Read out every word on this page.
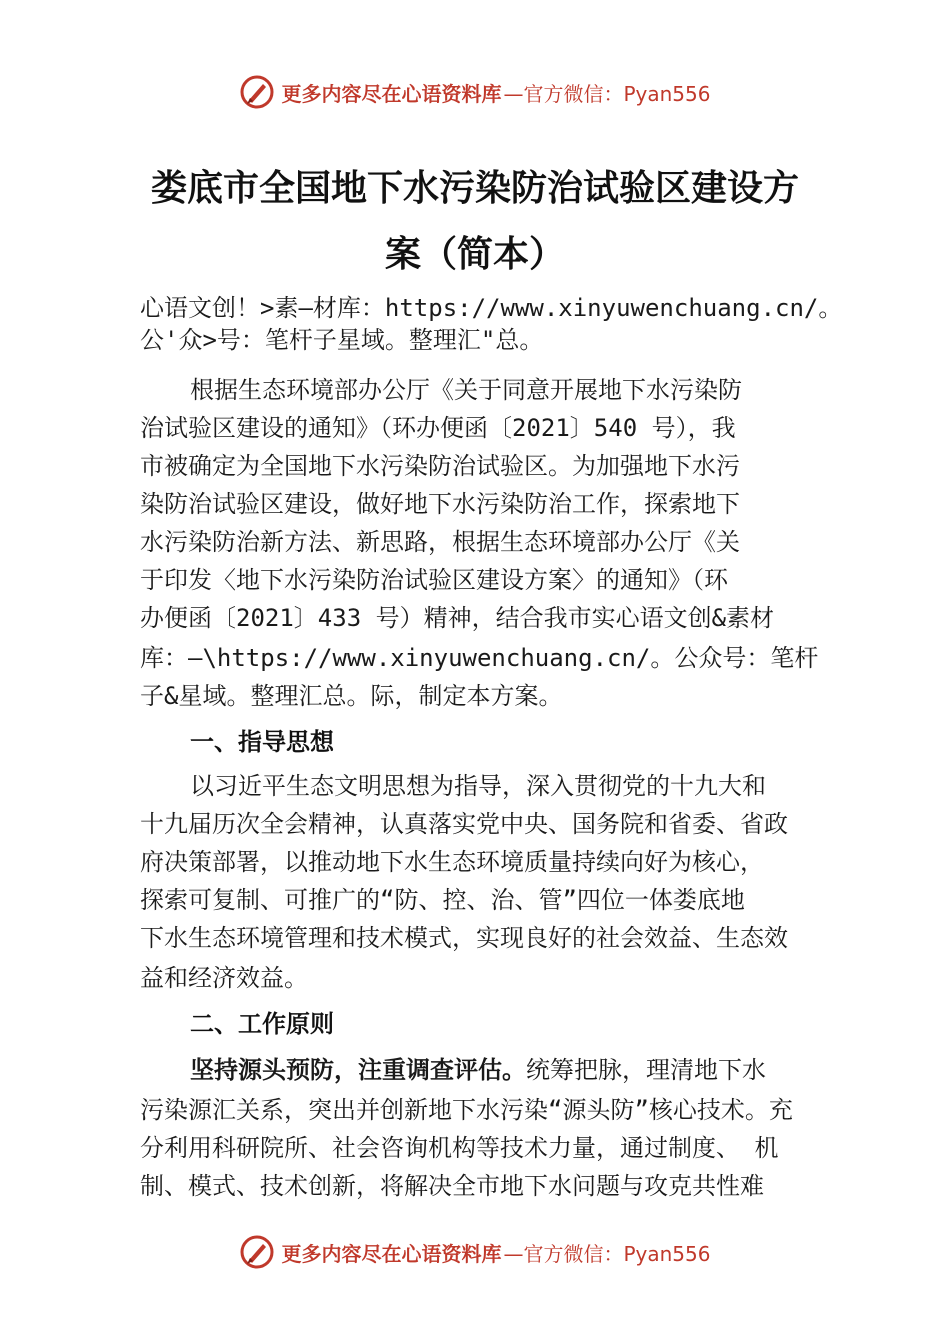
更多内容尽在心语资料库 —官方微信：Pyan556
娄底市全国地下水污染防治试验区建设方
案（简本）
心语文创！>素—材库：https://www.xinyuwenchuang.cn/。
公'众>号：笔杆子星域。整理汇"总。
根据生态环境部办公厅《关于同意开展地下水污染防
治试验区建设的通知》（环办便函〔2021〕540 号），我
市被确定为全国地下水污染防治试验区。为加强地下水污
染防治试验区建设，做好地下水污染防治工作，探索地下
水污染防治新方法、新思路，根据生态环境部办公厅《关
于印发〈地下水污染防治试验区建设方案〉的通知》（环
办便函〔2021〕433 号）精神，结合我市实心语文创&素材
库：—\https://www.xinyuwenchuang.cn/。公众号：笔杆
子&星域。整理汇总。际，制定本方案。
一、指导思想
以习近平生态文明思想为指导，深入贯彻党的十九大和
十九届历次全会精神，认真落实党中央、国务院和省委、省政
府决策部署，以推动地下水生态环境质量持续向好为核心，
探索可复制、可推广的“防、控、治、管”四位一体娄底地
下水生态环境管理和技术模式，实现良好的社会效益、生态效
益和经济效益。
二、工作原则
坚持源头预防，注重调查评估。统筹把脉，理清地下水
污染源汇关系，突出并创新地下水污染“源头防”核心技术。充
分利用科研院所、社会咨询机构等技术力量，通过制度、 机
制、模式、技术创新，将解决全市地下水问题与攻克共性难
更多内容尽在心语资料库 —官方微信：Pyan556
